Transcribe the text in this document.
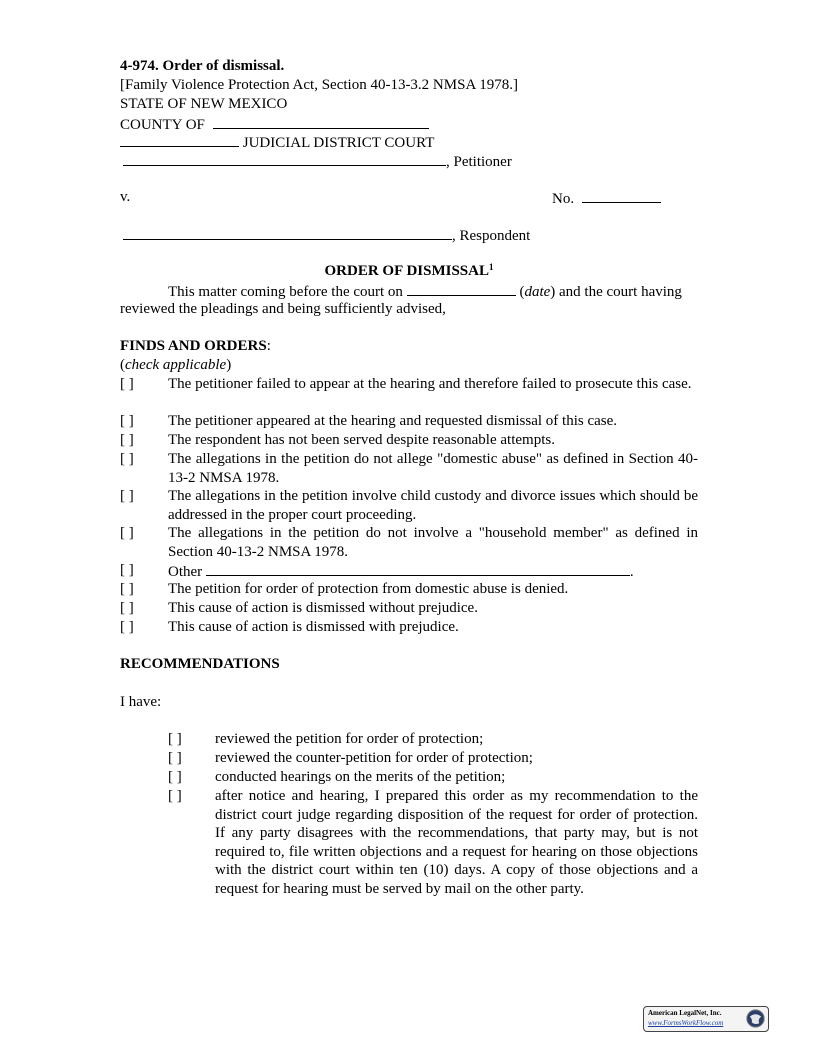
4-974. Order of dismissal.
[Family Violence Protection Act, Section 40-13-3.2 NMSA 1978.]
STATE OF NEW MEXICO
COUNTY OF
JUDICIAL DISTRICT COURT
, Petitioner
v.	No.
, Respondent
ORDER OF DISMISSAL$^1$
This matter coming before the court on	(date) and the court having
reviewed the pleadings and being sufficiently advised,
FINDS AND ORDERS:
(check applicable)
[ ] The petitioner failed to appear at the hearing and therefore failed to prosecute this case.
[ ] The petitioner appeared at the hearing and requested dismissal of this case.
[ ] The respondent has not been served despite reasonable attempts.
[ ] The allegations in the petition do not allege "domestic abuse" as defined in Section 40-13-2 NMSA 1978.
[ ] The allegations in the petition involve child custody and divorce issues which should be addressed in the proper court proceeding.
[ ] The allegations in the petition do not involve a "household member" as defined in Section 40-13-2 NMSA 1978.
[ ] Other	.
[ ] The petition for order of protection from domestic abuse is denied.
[ ] This cause of action is dismissed without prejudice.
[ ] This cause of action is dismissed with prejudice.
RECOMMENDATIONS
I have:
[ ] reviewed the petition for order of protection;
[ ] reviewed the counter-petition for order of protection;
[ ] conducted hearings on the merits of the petition;
[ ] after notice and hearing, I prepared this order as my recommendation to the district court judge regarding disposition of the request for order of protection. If any party disagrees with the recommendations, that party may, but is not required to, file written objections and a request for hearing on those objections with the district court within ten (10) days. A copy of those objections and a request for hearing must be served by mail on the other party.
American LegalNet, Inc.
www.FormsWorkFlow.com
